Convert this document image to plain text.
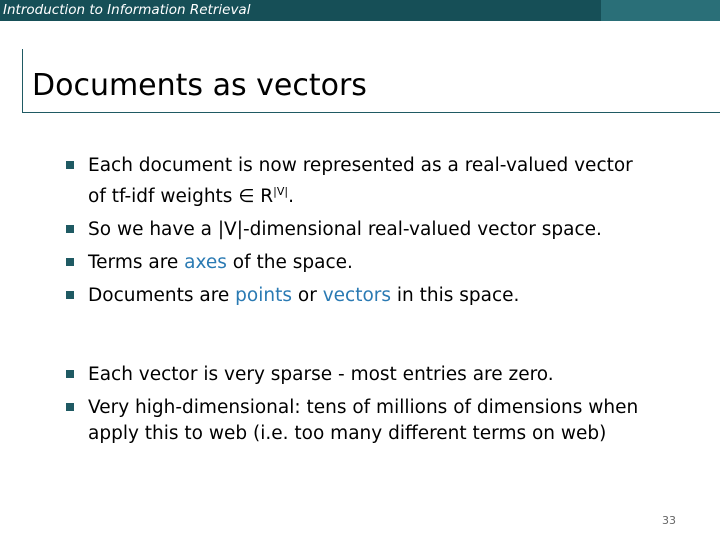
Introduction to Information Retrieval
Documents as vectors
Each document is now represented as a real-valued vector
of tf-idf weights ∈ $R^{|V|}$.
So we have a |V|-dimensional real-valued vector space.
Terms are axes of the space.
Documents are points or vectors in this space.
Each vector is very sparse - most entries are zero.
Very high-dimensional: tens of millions of dimensions when
apply this to web (i.e. too many different terms on web)
33
